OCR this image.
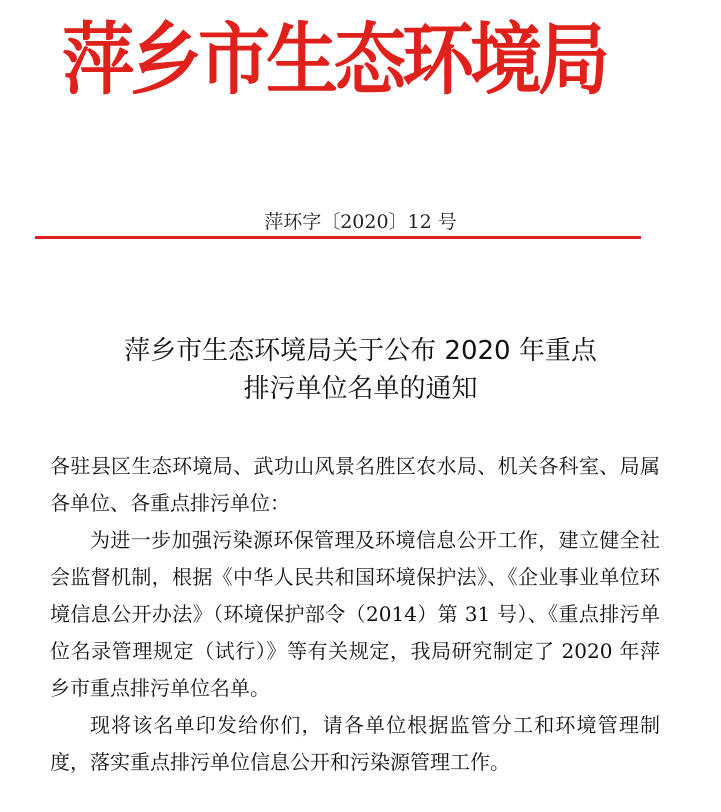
萍乡市生态环境局
萍环字〔2020〕12 号
萍乡市生态环境局关于公布 2020 年重点
排污单位名单的通知

各驻县区生态环境局、武功山风景名胜区农水局、机关各科室、局属各单位、各重点排污单位：

为进一步加强污染源环保管理及环境信息公开工作，建立健全社会监督机制，根据《中华人民共和国环境保护法》、《企业事业单位环境信息公开办法》（环境保护部令（2014）第 31 号）、《重点排污单位名录管理规定（试行）》等有关规定，我局研究制定了 2020 年萍乡市重点排污单位名单。

现将该名单印发给你们，请各单位根据监管分工和环境管理制度，落实重点排污单位信息公开和污染源管理工作。
